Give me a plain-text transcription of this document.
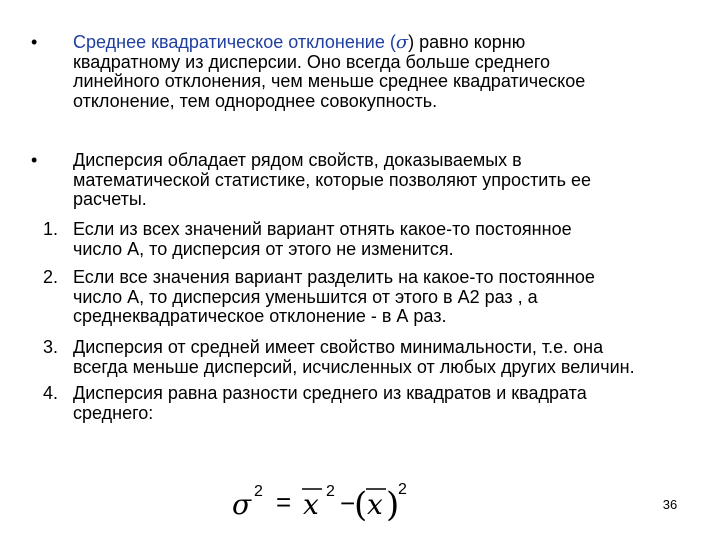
•	Среднее квадратическое отклонение (σ) равно корню
квадратному из дисперсии. Оно всегда больше среднего
линейного отклонения, чем меньше среднее квадратическое
отклонение, тем однороднее совокупность.
•	Дисперсия обладает рядом свойств, доказываемых в
математической статистике, которые позволяют упростить ее
расчеты.
1. Если из всех значений вариант отнять какое-то постоянное
число А, то дисперсия от этого не изменится.
2. Если все значения вариант разделить на какое-то постоянное
число А, то дисперсия уменьшится от этого в А2 раз , а
среднеквадратическое отклонение - в А раз.
3. Дисперсия от средней имеет свойство минимальности, т.е. она
всегда меньше дисперсий, исчисленных от любых других величин.
4. Дисперсия равна разности среднего из квадратов и квадрата
среднего:
σ 2 = x 2 −
( x )
2
36
